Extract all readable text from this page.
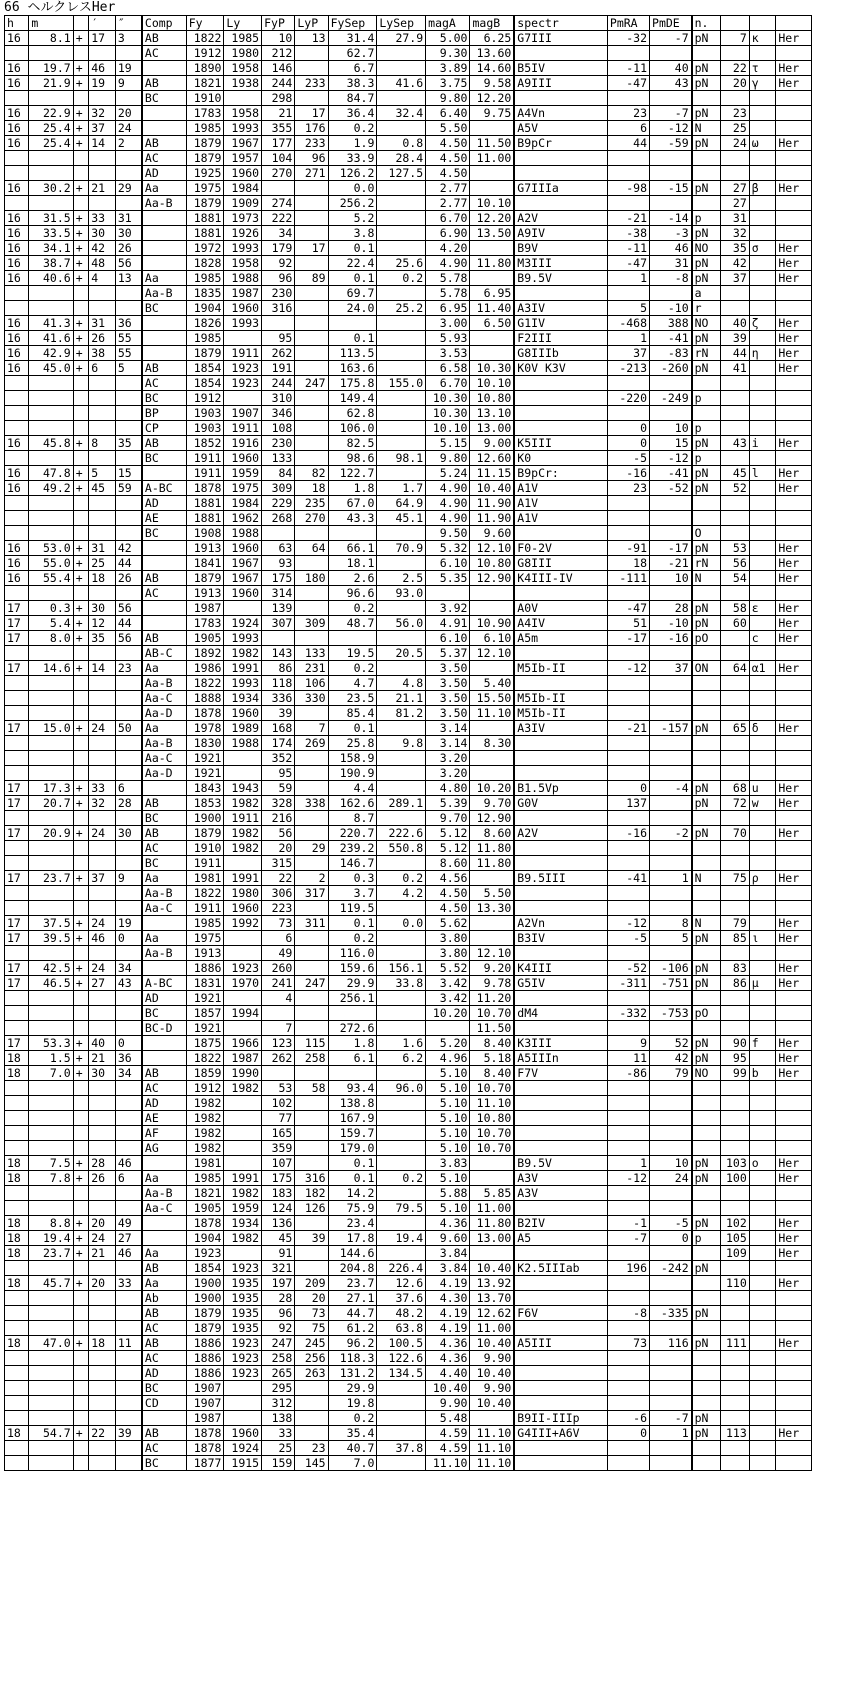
66 ヘルクレスHer
h	m		′	″	Comp	Fy	Ly	FyP	LyP	FySep	LySep	magA	magB	spectr	PmRA	PmDE	n.			
16	8.1	+	17	3	AB	1822	1985	10	13	31.4	27.9	5.00	6.25	G7III	-32	-7	pN	7	κ	Her
					AC	1912	1980	212		62.7		9.30	13.60							
16	19.7	+	46	19		1890	1958	146		6.7		3.89	14.60	B5IV	-11	40	pN	22	τ	Her
16	21.9	+	19	9	AB	1821	1938	244	233	38.3	41.6	3.75	9.58	A9III	-47	43	pN	20	γ	Her
					BC	1910		298		84.7		9.80	12.20							
16	22.9	+	32	20		1783	1958	21	17	36.4	32.4	6.40	9.75	A4Vn	23	-7	pN	23		
16	25.4	+	37	24		1985	1993	355	176	0.2		5.50		A5V	6	-12	N	25		
16	25.4	+	14	2	AB	1879	1967	177	233	1.9	0.8	4.50	11.50	B9pCr	44	-59	pN	24	ω	Her
					AC	1879	1957	104	96	33.9	28.4	4.50	11.00							
					AD	1925	1960	270	271	126.2	127.5	4.50								
16	30.2	+	21	29	Aa	1975	1984			0.0		2.77		G7IIIa	-98	-15	pN	27	β	Her
					Aa-B	1879	1909	274		256.2		2.77	10.10					27		
16	31.5	+	33	31		1881	1973	222		5.2		6.70	12.20	A2V	-21	-14	p	31		
16	33.5	+	30	30		1881	1926	34		3.8		6.90	13.50	A9IV	-38	-3	pN	32		
16	34.1	+	42	26		1972	1993	179	17	0.1		4.20		B9V	-11	46	NO	35	σ	Her
16	38.7	+	48	56		1828	1958	92		22.4	25.6	4.90	11.80	M3III	-47	31	pN	42		Her
16	40.6	+	4	13	Aa	1985	1988	96	89	0.1	0.2	5.78		B9.5V	1	-8	pN	37		Her
					Aa-B	1835	1987	230		69.7		5.78	6.95				a			
					BC	1904	1960	316		24.0	25.2	6.95	11.40	A3IV	5	-10	r			
16	41.3	+	31	36		1826	1993					3.00	6.50	G1IV	-468	388	NO	40	ζ	Her
16	41.6	+	26	55		1985		95		0.1		5.93		F2III	1	-41	pN	39		Her
16	42.9	+	38	55		1879	1911	262		113.5		3.53		G8IIIb	37	-83	rN	44	η	Her
16	45.0	+	6	5	AB	1854	1923	191		163.6		6.58	10.30	K0V K3V	-213	-260	pN	41		Her
					AC	1854	1923	244	247	175.8	155.0	6.70	10.10							
					BC	1912		310		149.4		10.30	10.80		-220	-249	p			
					BP	1903	1907	346		62.8		10.30	13.10							
					CP	1903	1911	108		106.0		10.10	13.00		0	10	p			
16	45.8	+	8	35	AB	1852	1916	230		82.5		5.15	9.00	K5III	0	15	pN	43	i	Her
					BC	1911	1960	133		98.6	98.1	9.80	12.60	K0	-5	-12	p			
16	47.8	+	5	15		1911	1959	84	82	122.7		5.24	11.15	B9pCr:	-16	-41	pN	45	l	Her
16	49.2	+	45	59	A-BC	1878	1975	309	18	1.8	1.7	4.90	10.40	A1V	23	-52	pN	52		Her
					AD	1881	1984	229	235	67.0	64.9	4.90	11.90	A1V						
					AE	1881	1962	268	270	43.3	45.1	4.90	11.90	A1V						
					BC	1908	1988					9.50	9.60				O			
16	53.0	+	31	42		1913	1960	63	64	66.1	70.9	5.32	12.10	F0-2V	-91	-17	pN	53		Her
16	55.0	+	25	44		1841	1967	93		18.1		6.10	10.80	G8III	18	-21	rN	56		Her
16	55.4	+	18	26	AB	1879	1967	175	180	2.6	2.5	5.35	12.90	K4III-IV	-111	10	N	54		Her
					AC	1913	1960	314		96.6	93.0									
17	0.3	+	30	56		1987		139		0.2		3.92		A0V	-47	28	pN	58	ε	Her
17	5.4	+	12	44		1783	1924	307	309	48.7	56.0	4.91	10.90	A4IV	51	-10	pN	60		Her
17	8.0	+	35	56	AB	1905	1993					6.10	6.10	A5m	-17	-16	pO		c	Her
					AB-C	1892	1982	143	133	19.5	20.5	5.37	12.10							
17	14.6	+	14	23	Aa	1986	1991	86	231	0.2		3.50		M5Ib-II	-12	37	ON	64	α1	Her
					Aa-B	1822	1993	118	106	4.7	4.8	3.50	5.40							
					Aa-C	1888	1934	336	330	23.5	21.1	3.50	15.50	M5Ib-II						
					Aa-D	1878	1960	39		85.4	81.2	3.50	11.10	M5Ib-II						
17	15.0	+	24	50	Aa	1978	1989	168	7	0.1		3.14		A3IV	-21	-157	pN	65	δ	Her
					Aa-B	1830	1988	174	269	25.8	9.8	3.14	8.30							
					Aa-C	1921		352		158.9		3.20								
					Aa-D	1921		95		190.9		3.20								
17	17.3	+	33	6		1843	1943	59		4.4		4.80	10.20	B1.5Vp	0	-4	pN	68	u	Her
17	20.7	+	32	28	AB	1853	1982	328	338	162.6	289.1	5.39	9.70	G0V	137		pN	72	w	Her
					BC	1900	1911	216		8.7		9.70	12.90							
17	20.9	+	24	30	AB	1879	1982	56		220.7	222.6	5.12	8.60	A2V	-16	-2	pN	70		Her
					AC	1910	1982	20	29	239.2	550.8	5.12	11.80							
					BC	1911		315		146.7		8.60	11.80							
17	23.7	+	37	9	Aa	1981	1991	22	2	0.3	0.2	4.56		B9.5III	-41	1	N	75	ρ	Her
					Aa-B	1822	1980	306	317	3.7	4.2	4.50	5.50							
					Aa-C	1911	1960	223		119.5		4.50	13.30							
17	37.5	+	24	19		1985	1992	73	311	0.1	0.0	5.62		A2Vn	-12	8	N	79		Her
17	39.5	+	46	0	Aa	1975		6		0.2		3.80		B3IV	-5	5	pN	85	ι	Her
					Aa-B	1913		49		116.0		3.80	12.10							
17	42.5	+	24	34		1886	1923	260		159.6	156.1	5.52	9.20	K4III	-52	-106	pN	83		Her
17	46.5	+	27	43	A-BC	1831	1970	241	247	29.9	33.8	3.42	9.78	G5IV	-311	-751	pN	86	μ	Her
					AD	1921		4		256.1		3.42	11.20							
					BC	1857	1994					10.20	10.70	dM4	-332	-753	pO			
					BC-D	1921		7		272.6			11.50							
17	53.3	+	40	0		1875	1966	123	115	1.8	1.6	5.20	8.40	K3III	9	52	pN	90	f	Her
18	1.5	+	21	36		1822	1987	262	258	6.1	6.2	4.96	5.18	A5IIIn	11	42	pN	95		Her
18	7.0	+	30	34	AB	1859	1990					5.10	8.40	F7V	-86	79	NO	99	b	Her
					AC	1912	1982	53	58	93.4	96.0	5.10	10.70							
					AD	1982		102		138.8		5.10	11.10							
					AE	1982		77		167.9		5.10	10.80							
					AF	1982		165		159.7		5.10	10.70							
					AG	1982		359		179.0		5.10	10.70							
18	7.5	+	28	46		1981		107		0.1		3.83		B9.5V	1	10	pN	103	ο	Her
18	7.8	+	26	6	Aa	1985	1991	175	316	0.1	0.2	5.10		A3V	-12	24	pN	100		Her
					Aa-B	1821	1982	183	182	14.2		5.88	5.85	A3V						
					Aa-C	1905	1959	124	126	75.9	79.5	5.10	11.00							
18	8.8	+	20	49		1878	1934	136		23.4		4.36	11.80	B2IV	-1	-5	pN	102		Her
18	19.4	+	24	27		1904	1982	45	39	17.8	19.4	9.60	13.00	A5	-7	0	p	105		Her
18	23.7	+	21	46	Aa	1923		91		144.6		3.84						109		Her
					AB	1854	1923	321		204.8	226.4	3.84	10.40	K2.5IIIab	196	-242	pN			
18	45.7	+	20	33	Aa	1900	1935	197	209	23.7	12.6	4.19	13.92					110		Her
					Ab	1900	1935	28	20	27.1	37.6	4.30	13.70							
					AB	1879	1935	96	73	44.7	48.2	4.19	12.62	F6V	-8	-335	pN			
					AC	1879	1935	92	75	61.2	63.8	4.19	11.00							
18	47.0	+	18	11	AB	1886	1923	247	245	96.2	100.5	4.36	10.40	A5III	73	116	pN	111		Her
					AC	1886	1923	258	256	118.3	122.6	4.36	9.90							
					AD	1886	1923	265	263	131.2	134.5	4.40	10.40							
					BC	1907		295		29.9		10.40	9.90							
					CD	1907		312		19.8		9.90	10.40							
						1987		138		0.2		5.48		B9II-IIIp	-6	-7	pN			
18	54.7	+	22	39	AB	1878	1960	33		35.4		4.59	11.10	G4III+A6V	0	1	pN	113		Her
					AC	1878	1924	25	23	40.7	37.8	4.59	11.10							
					BC	1877	1915	159	145	7.0		11.10	11.10							
